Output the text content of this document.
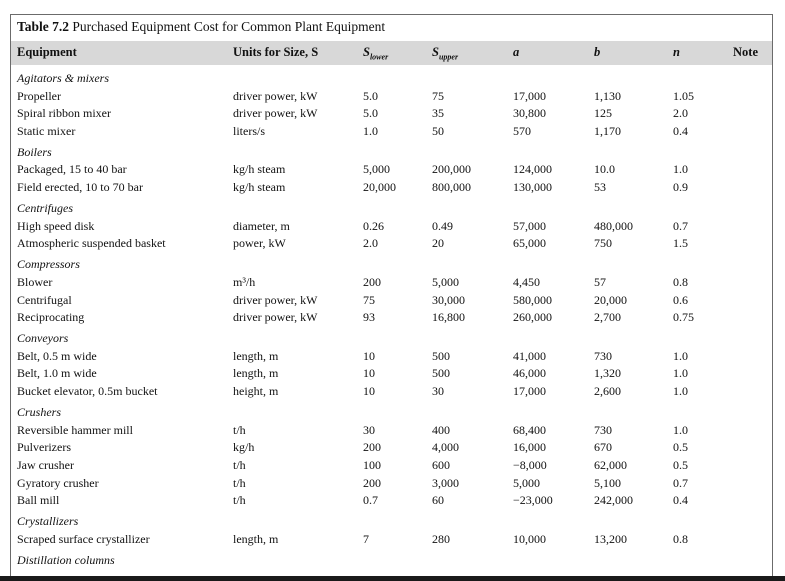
Table 7.2 Purchased Equipment Cost for Common Plant Equipment
Equipment	Units for Size, S	$S_{lower}$	$S_{upper}$	a	b	n	Note
Agitators & mixers
Propeller	driver power, kW	5.0	75	17,000	1,130	1.05
Spiral ribbon mixer	driver power, kW	5.0	35	30,800	125	2.0
Static mixer	liters/s	1.0	50	570	1,170	0.4
Boilers
Packaged, 15 to 40 bar	kg/h steam	5,000	200,000	124,000	10.0	1.0
Field erected, 10 to 70 bar	kg/h steam	20,000	800,000	130,000	53	0.9
Centrifuges
High speed disk	diameter, m	0.26	0.49	57,000	480,000	0.7
Atmospheric suspended basket	power, kW	2.0	20	65,000	750	1.5
Compressors
Blower	m³/h	200	5,000	4,450	57	0.8
Centrifugal	driver power, kW	75	30,000	580,000	20,000	0.6
Reciprocating	driver power, kW	93	16,800	260,000	2,700	0.75
Conveyors
Belt, 0.5 m wide	length, m	10	500	41,000	730	1.0
Belt, 1.0 m wide	length, m	10	500	46,000	1,320	1.0
Bucket elevator, 0.5m bucket	height, m	10	30	17,000	2,600	1.0
Crushers
Reversible hammer mill	t/h	30	400	68,400	730	1.0
Pulverizers	kg/h	200	4,000	16,000	670	0.5
Jaw crusher	t/h	100	600	−8,000	62,000	0.5
Gyratory crusher	t/h	200	3,000	5,000	5,100	0.7
Ball mill	t/h	0.7	60	−23,000	242,000	0.4
Crystallizers
Scraped surface crystallizer	length, m	7	280	10,000	13,200	0.8
Distillation columns
